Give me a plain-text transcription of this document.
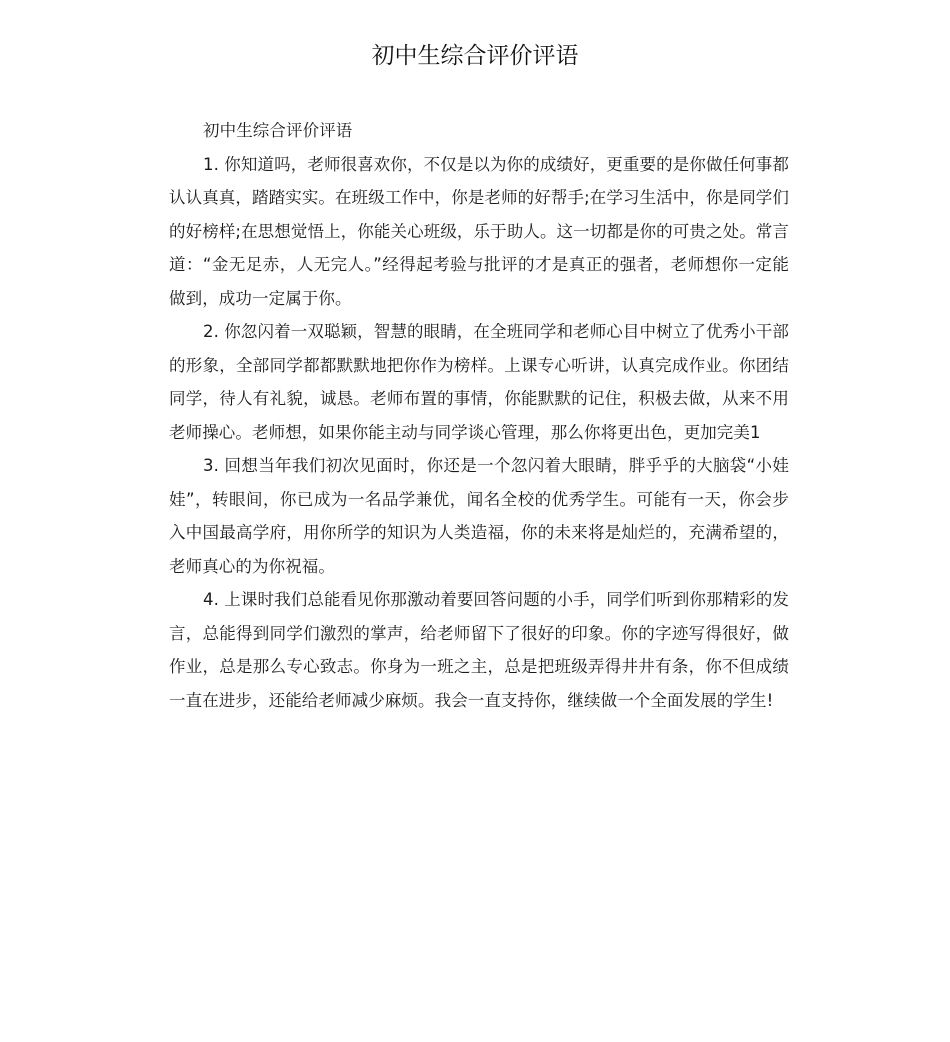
初中生综合评价评语

初中生综合评价评语

1. 你知道吗，老师很喜欢你，不仅是以为你的成绩好，更重要的是你做任何事都认认真真，踏踏实实。在班级工作中，你是老师的好帮手;在学习生活中，你是同学们的好榜样;在思想觉悟上，你能关心班级，乐于助人。这一切都是你的可贵之处。常言道：“金无足赤，人无完人。”经得起考验与批评的才是真正的强者，老师想你一定能做到，成功一定属于你。

2. 你忽闪着一双聪颖，智慧的眼睛，在全班同学和老师心目中树立了优秀小干部的形象，全部同学都都默默地把你作为榜样。上课专心听讲，认真完成作业。你团结同学，待人有礼貌，诚恳。老师布置的事情，你能默默的记住，积极去做，从来不用老师操心。老师想，如果你能主动与同学谈心管理，那么你将更出色，更加完美1

3. 回想当年我们初次见面时，你还是一个忽闪着大眼睛，胖乎乎的大脑袋“小娃娃”，转眼间，你已成为一名品学兼优，闻名全校的优秀学生。可能有一天，你会步入中国最高学府，用你所学的知识为人类造福，你的未来将是灿烂的，充满希望的，老师真心的为你祝福。

4. 上课时我们总能看见你那激动着要回答问题的小手，同学们听到你那精彩的发言，总能得到同学们激烈的掌声，给老师留下了很好的印象。你的字迹写得很好，做作业，总是那么专心致志。你身为一班之主，总是把班级弄得井井有条，你不但成绩一直在进步，还能给老师减少麻烦。我会一直支持你，继续做一个全面发展的学生!
